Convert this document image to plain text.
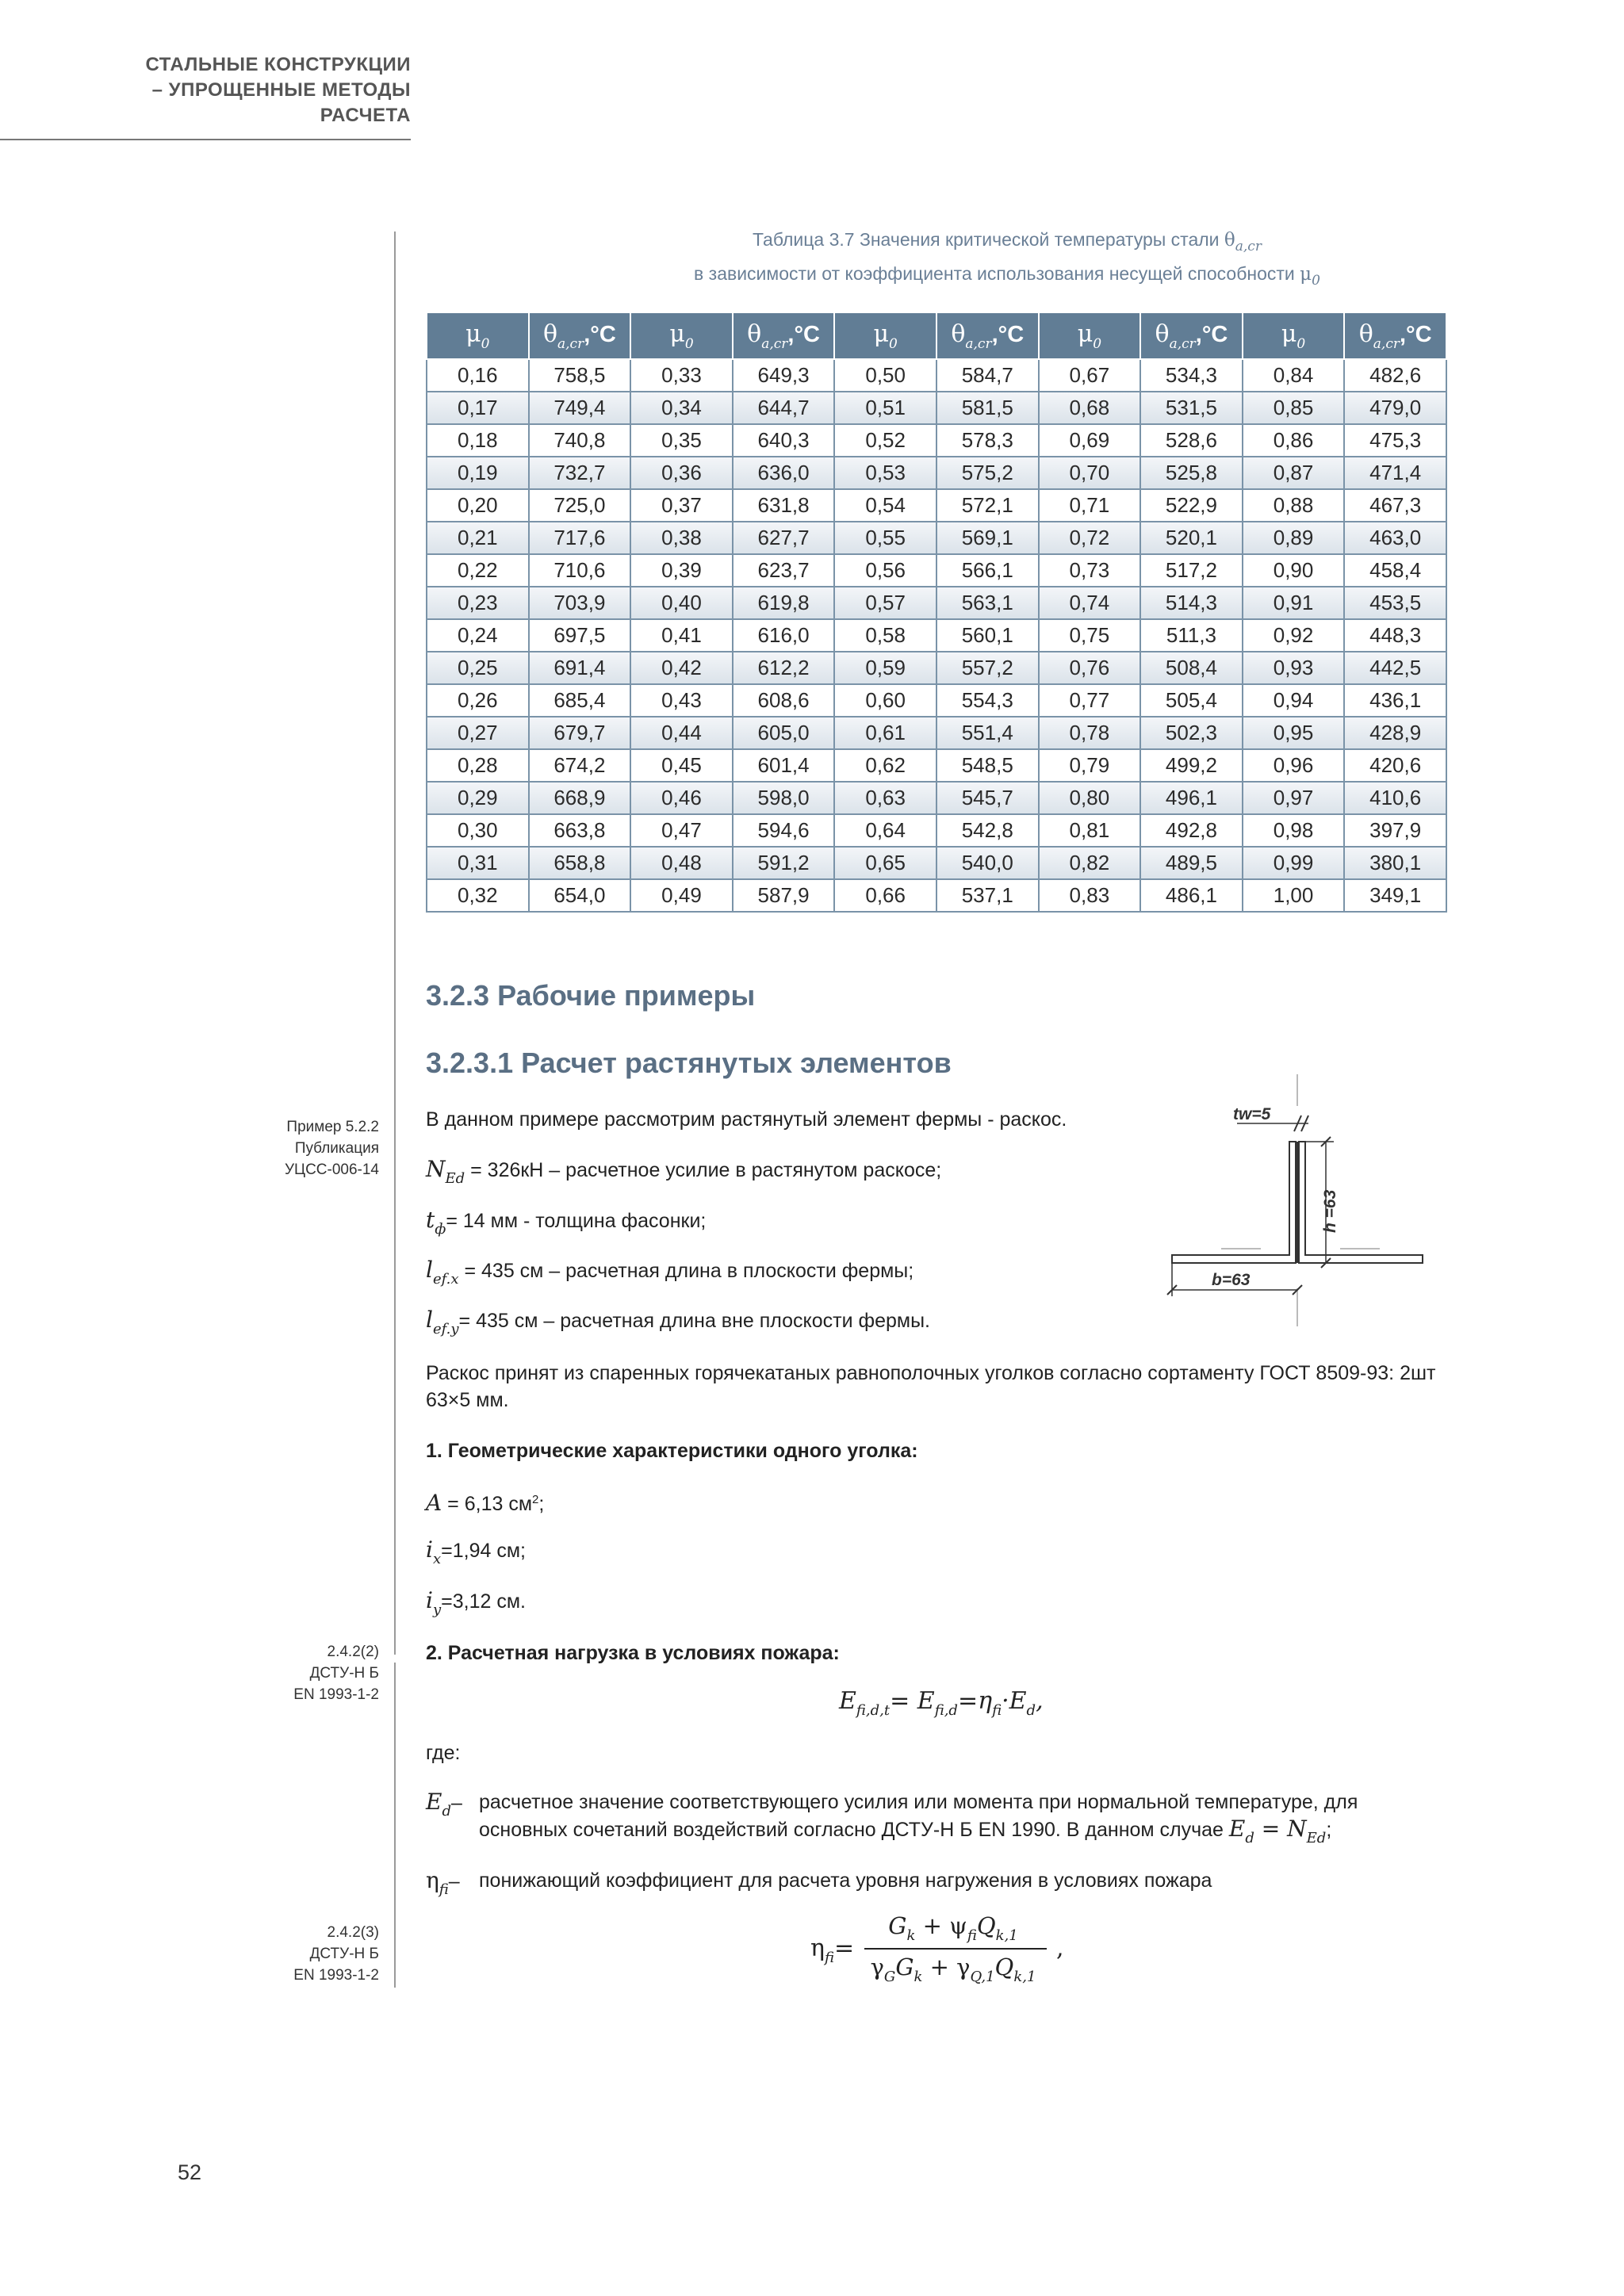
СТАЛЬНЫЕ КОНСТРУКЦИИ
– УПРОЩЕННЫЕ МЕТОДЫ
РАСЧЕТА
Таблица 3.7 Значения критической температуры стали $\theta_{a,cr}$
в зависимости от коэффициента использования несущей способности $\mu_0$
$\mu_0$	$\theta_{a,cr},^\circ C$	$\mu_0$	$\theta_{a,cr},^\circ C$	$\mu_0$	$\theta_{a,cr},^\circ C$	$\mu_0$	$\theta_{a,cr},^\circ C$	$\mu_0$	$\theta_{a,cr},^\circ C$
0,16	758,5	0,33	649,3	0,50	584,7	0,67	534,3	0,84	482,6
0,17	749,4	0,34	644,7	0,51	581,5	0,68	531,5	0,85	479,0
0,18	740,8	0,35	640,3	0,52	578,3	0,69	528,6	0,86	475,3
0,19	732,7	0,36	636,0	0,53	575,2	0,70	525,8	0,87	471,4
0,20	725,0	0,37	631,8	0,54	572,1	0,71	522,9	0,88	467,3
0,21	717,6	0,38	627,7	0,55	569,1	0,72	520,1	0,89	463,0
0,22	710,6	0,39	623,7	0,56	566,1	0,73	517,2	0,90	458,4
0,23	703,9	0,40	619,8	0,57	563,1	0,74	514,3	0,91	453,5
0,24	697,5	0,41	616,0	0,58	560,1	0,75	511,3	0,92	448,3
0,25	691,4	0,42	612,2	0,59	557,2	0,76	508,4	0,93	442,5
0,26	685,4	0,43	608,6	0,60	554,3	0,77	505,4	0,94	436,1
0,27	679,7	0,44	605,0	0,61	551,4	0,78	502,3	0,95	428,9
0,28	674,2	0,45	601,4	0,62	548,5	0,79	499,2	0,96	420,6
0,29	668,9	0,46	598,0	0,63	545,7	0,80	496,1	0,97	410,6
0,30	663,8	0,47	594,6	0,64	542,8	0,81	492,8	0,98	397,9
0,31	658,8	0,48	591,2	0,65	540,0	0,82	489,5	0,99	380,1
0,32	654,0	0,49	587,9	0,66	537,1	0,83	486,1	1,00	349,1
3.2.3 Рабочие примеры
3.2.3.1 Расчет растянутых элементов
Пример 5.2.2
Публикация
УЦСС-006-14
2.4.2(2)
ДСТУ-Н Б
EN 1993-1-2
2.4.2(3)
ДСТУ-Н Б
EN 1993-1-2
В данном примере рассмотрим растянутый элемент фермы - раскос.
$N_{Ed} = 326кН$ – расчетное усилие в растянутом раскосе;
$t_ф= 14$ мм - толщина фасонки;
$l_{ef.x} = 435$ см – расчетная длина в плоскости фермы;
$l_{ef.y}= 435$ см – расчетная длина вне плоскости фермы.
Раскос принят из спаренных горячекатаных равнополочных уголков согласно сортаменту ГОСТ 8509-93: 2шт 63×5 мм.
1. Геометрические характеристики одного уголка:
A = 6,13 $см^2$;
$i_x=1,94$ см;
$i_y=3,12$ см.
2. Расчетная нагрузка в условиях пожара:
$E_{fi,d,t}= E_{fi,d}=\eta_{fi}\cdot E_d$,
где:
$E_d-$ расчетное значение соответствующего усилия или момента при нормальной температуре, для основных сочетаний воздействий согласно ДСТУ-Н Б EN 1990. В данном случае $E_d = N_{Ed}$;
$\eta_{fi}-$ понижающий коэффициент для расчета уровня нагружения в условиях пожара
$\eta_{fi}=$
$G_k + \psi_{fi}Q_{k,1}$
$\gamma_GG_k + \gamma_{Q,1}Q_{k,1}$
,
tw=5
h =63
b=63
52
